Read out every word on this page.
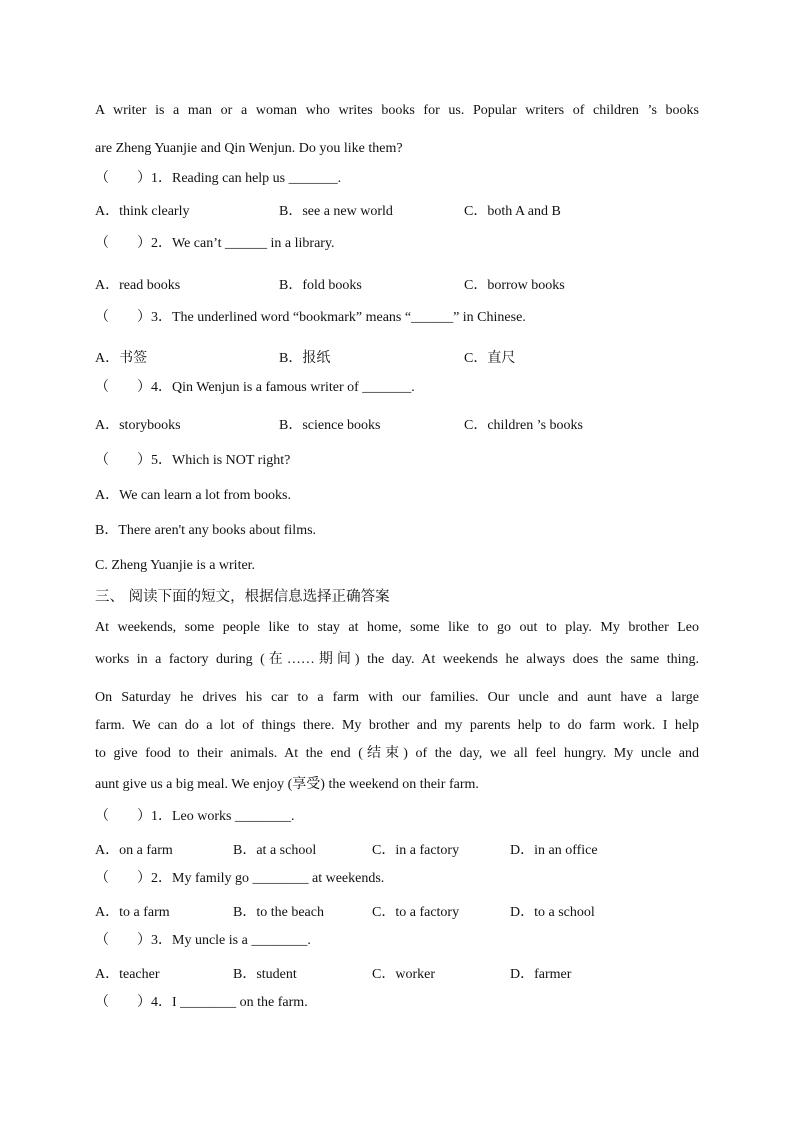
A writer is a man or a woman who writes books for us. Popular writers of children ’s books
are Zheng Yuanjie and Qin Wenjun. Do you like them?
（　　）1．Reading can help us _______.
A．think clearly	B．see a new world	C．both A and B
（　　）2．We can’t ______ in a library.
A．read books	B．fold books	C．borrow books
（　　）3．The underlined word “bookmark” means “______” in Chinese.
A．书签	B．报纸	C．直尺
（　　）4．Qin Wenjun is a famous writer of _______.
A．storybooks	B．science books	C．children ’s books
（　　）5．Which is NOT right?
A．We can learn a lot from books.
B．There aren't any books about films.
C. Zheng Yuanjie is a writer.
三、 阅读下面的短文，根据信息选择正确答案
At weekends, some people like to stay at home, some like to go out to play. My brother Leo
works in a factory during (在……期间) the day. At weekends he always does the same thing.
On Saturday he drives his car to a farm with our families. Our uncle and aunt have a large
farm. We can do a lot of things there. My brother and my parents help to do farm work. I help
to give food to their animals. At the end (结束) of the day, we all feel hungry. My uncle and
aunt give us a big meal. We enjoy (享受) the weekend on their farm.
（　　）1．Leo works ________.
A．on a farm	B．at a school	C．in a factory	D．in an office
（　　）2．My family go ________ at weekends.
A．to a farm	B．to the beach	C．to a factory	D．to a school
（　　）3．My uncle is a ________.
A．teacher	B．student	C．worker	D．farmer
（　　）4．I ________ on the farm.
